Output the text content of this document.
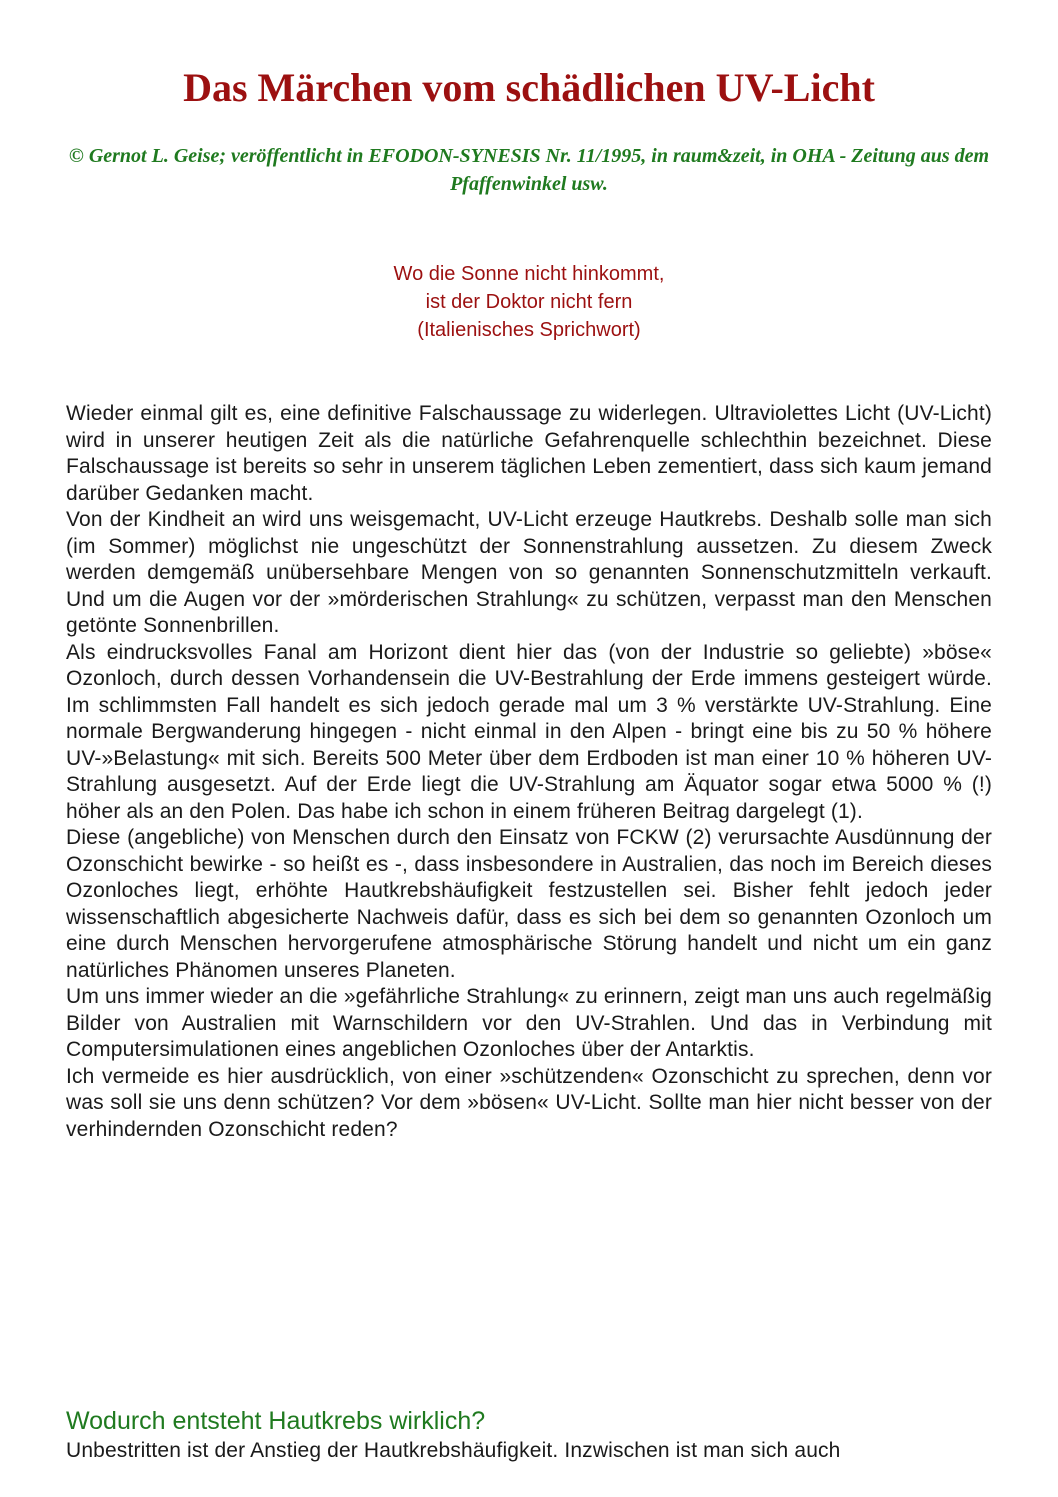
Das Märchen vom schädlichen UV-Licht

© Gernot L. Geise; veröffentlicht in EFODON-SYNESIS Nr. 11/1995, in raum&zeit, in OHA - Zeitung aus dem Pfaffenwinkel usw.

Wo die Sonne nicht hinkommt,
ist der Doktor nicht fern
(Italienisches Sprichwort)

Wieder einmal gilt es, eine definitive Falschaussage zu widerlegen. Ultraviolettes Licht (UV-Licht) wird in unserer heutigen Zeit als die natürliche Gefahrenquelle schlechthin bezeichnet. Diese Falschaussage ist bereits so sehr in unserem täglichen Leben zementiert, dass sich kaum jemand darüber Gedanken macht.

Von der Kindheit an wird uns weisgemacht, UV-Licht erzeuge Hautkrebs. Deshalb solle man sich (im Sommer) möglichst nie ungeschützt der Sonnenstrahlung aussetzen. Zu diesem Zweck werden demgemäß unübersehbare Mengen von so genannten Sonnenschutzmitteln verkauft. Und um die Augen vor der »mörderischen Strahlung« zu schützen, verpasst man den Menschen getönte Sonnenbrillen.

Als eindrucksvolles Fanal am Horizont dient hier das (von der Industrie so geliebte) »böse« Ozonloch, durch dessen Vorhandensein die UV-Bestrahlung der Erde immens gesteigert würde. Im schlimmsten Fall handelt es sich jedoch gerade mal um 3 % verstärkte UV-Strahlung. Eine normale Bergwanderung hingegen - nicht einmal in den Alpen - bringt eine bis zu 50 % höhere UV-»Belastung« mit sich. Bereits 500 Meter über dem Erdboden ist man einer 10 % höheren UV-Strahlung ausgesetzt. Auf der Erde liegt die UV-Strahlung am Äquator sogar etwa 5000 % (!) höher als an den Polen. Das habe ich schon in einem früheren Beitrag dargelegt (1).

Diese (angebliche) von Menschen durch den Einsatz von FCKW (2) verursachte Ausdünnung der Ozonschicht bewirke - so heißt es -, dass insbesondere in Australien, das noch im Bereich dieses Ozonloches liegt, erhöhte Hautkrebshäufigkeit festzustellen sei. Bisher fehlt jedoch jeder wissenschaftlich abgesicherte Nachweis dafür, dass es sich bei dem so genannten Ozonloch um eine durch Menschen hervorgerufene atmosphärische Störung handelt und nicht um ein ganz natürliches Phänomen unseres Planeten.

Um uns immer wieder an die »gefährliche Strahlung« zu erinnern, zeigt man uns auch regelmäßig Bilder von Australien mit Warnschildern vor den UV-Strahlen. Und das in Verbindung mit Computersimulationen eines angeblichen Ozonloches über der Antarktis.

Ich vermeide es hier ausdrücklich, von einer »schützenden« Ozonschicht zu sprechen, denn vor was soll sie uns denn schützen? Vor dem »bösen« UV-Licht. Sollte man hier nicht besser von der verhindernden Ozonschicht reden?

Wodurch entsteht Hautkrebs wirklich?

Unbestritten ist der Anstieg der Hautkrebshäufigkeit. Inzwischen ist man sich auch
